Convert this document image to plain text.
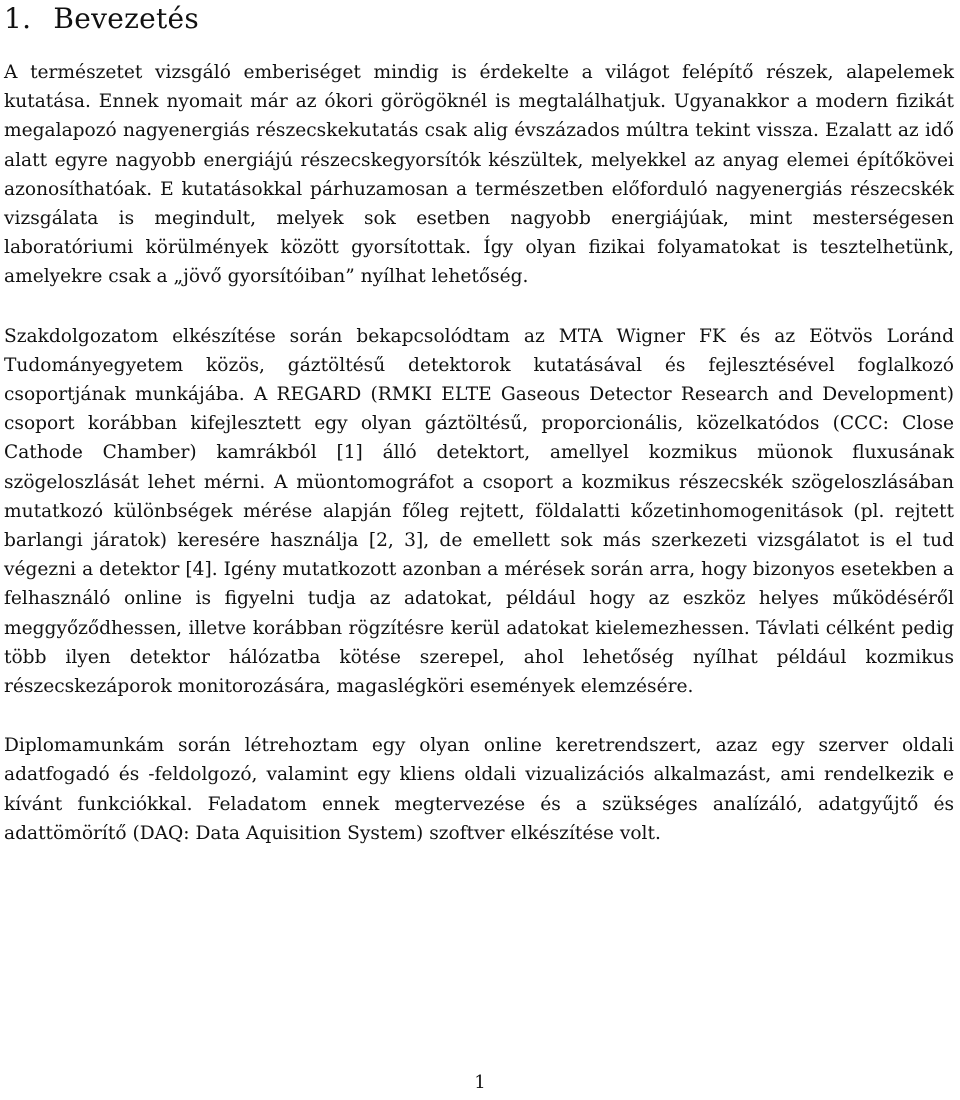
1. Bevezetés

A természetet vizsgáló emberiséget mindig is érdekelte a világot felépítő részek, alapelemek kutatása. Ennek nyomait már az ókori görögöknél is megtalálhatjuk. Ugyanakkor a modern fizikát megalapozó nagyenergiás részecskekutatás csak alig évszázados múltra tekint vissza. Ezalatt az idő alatt egyre nagyobb energiájú részecskegyorsítók készültek, melyekkel az anyag elemei építőkövei azonosíthatóak. E kutatásokkal párhuzamosan a természetben előforduló nagyenergiás részecskék vizsgálata is megindult, melyek sok esetben nagyobb energiájúak, mint mesterségesen laboratóriumi körülmények között gyorsítottak. Így olyan fizikai folyamatokat is tesztelhetünk, amelyekre csak a „jövő gyorsítóiban” nyílhat lehetőség.

Szakdolgozatom elkészítése során bekapcsolódtam az MTA Wigner FK és az Eötvös Loránd Tudományegyetem közös, gáztöltésű detektorok kutatásával és fejlesztésével foglalkozó csoportjának munkájába. A REGARD (RMKI ELTE Gaseous Detector Research and Development) csoport korábban kifejlesztett egy olyan gáztöltésű, proporcionális, közelkatódos (CCC: Close Cathode Chamber) kamrákból [1] álló detektort, amellyel kozmikus müonok fluxusának szögeloszlását lehet mérni. A müontomográfot a csoport a kozmikus részecskék szögeloszlásában mutatkozó különbségek mérése alapján főleg rejtett, földalatti kőzetinhomogenitások (pl. rejtett barlangi járatok) keresére használja [2, 3], de emellett sok más szerkezeti vizsgálatot is el tud végezni a detektor [4]. Igény mutatkozott azonban a mérések során arra, hogy bizonyos esetekben a felhasználó online is figyelni tudja az adatokat, például hogy az eszköz helyes működéséről meggyőződhessen, illetve korábban rögzítésre kerül adatokat kielemezhessen. Távlati célként pedig több ilyen detektor hálózatba kötése szerepel, ahol lehetőség nyílhat például kozmikus részecskezáporok monitorozására, magaslégköri események elemzésére.

Diplomamunkám során létrehoztam egy olyan online keretrendszert, azaz egy szerver oldali adatfogadó és -feldolgozó, valamint egy kliens oldali vizualizációs alkalmazást, ami rendelkezik e kívánt funkciókkal. Feladatom ennek megtervezése és a szükséges analízáló, adatgyűjtő és adattömörítő (DAQ: Data Aquisition System) szoftver elkészítése volt.

1
